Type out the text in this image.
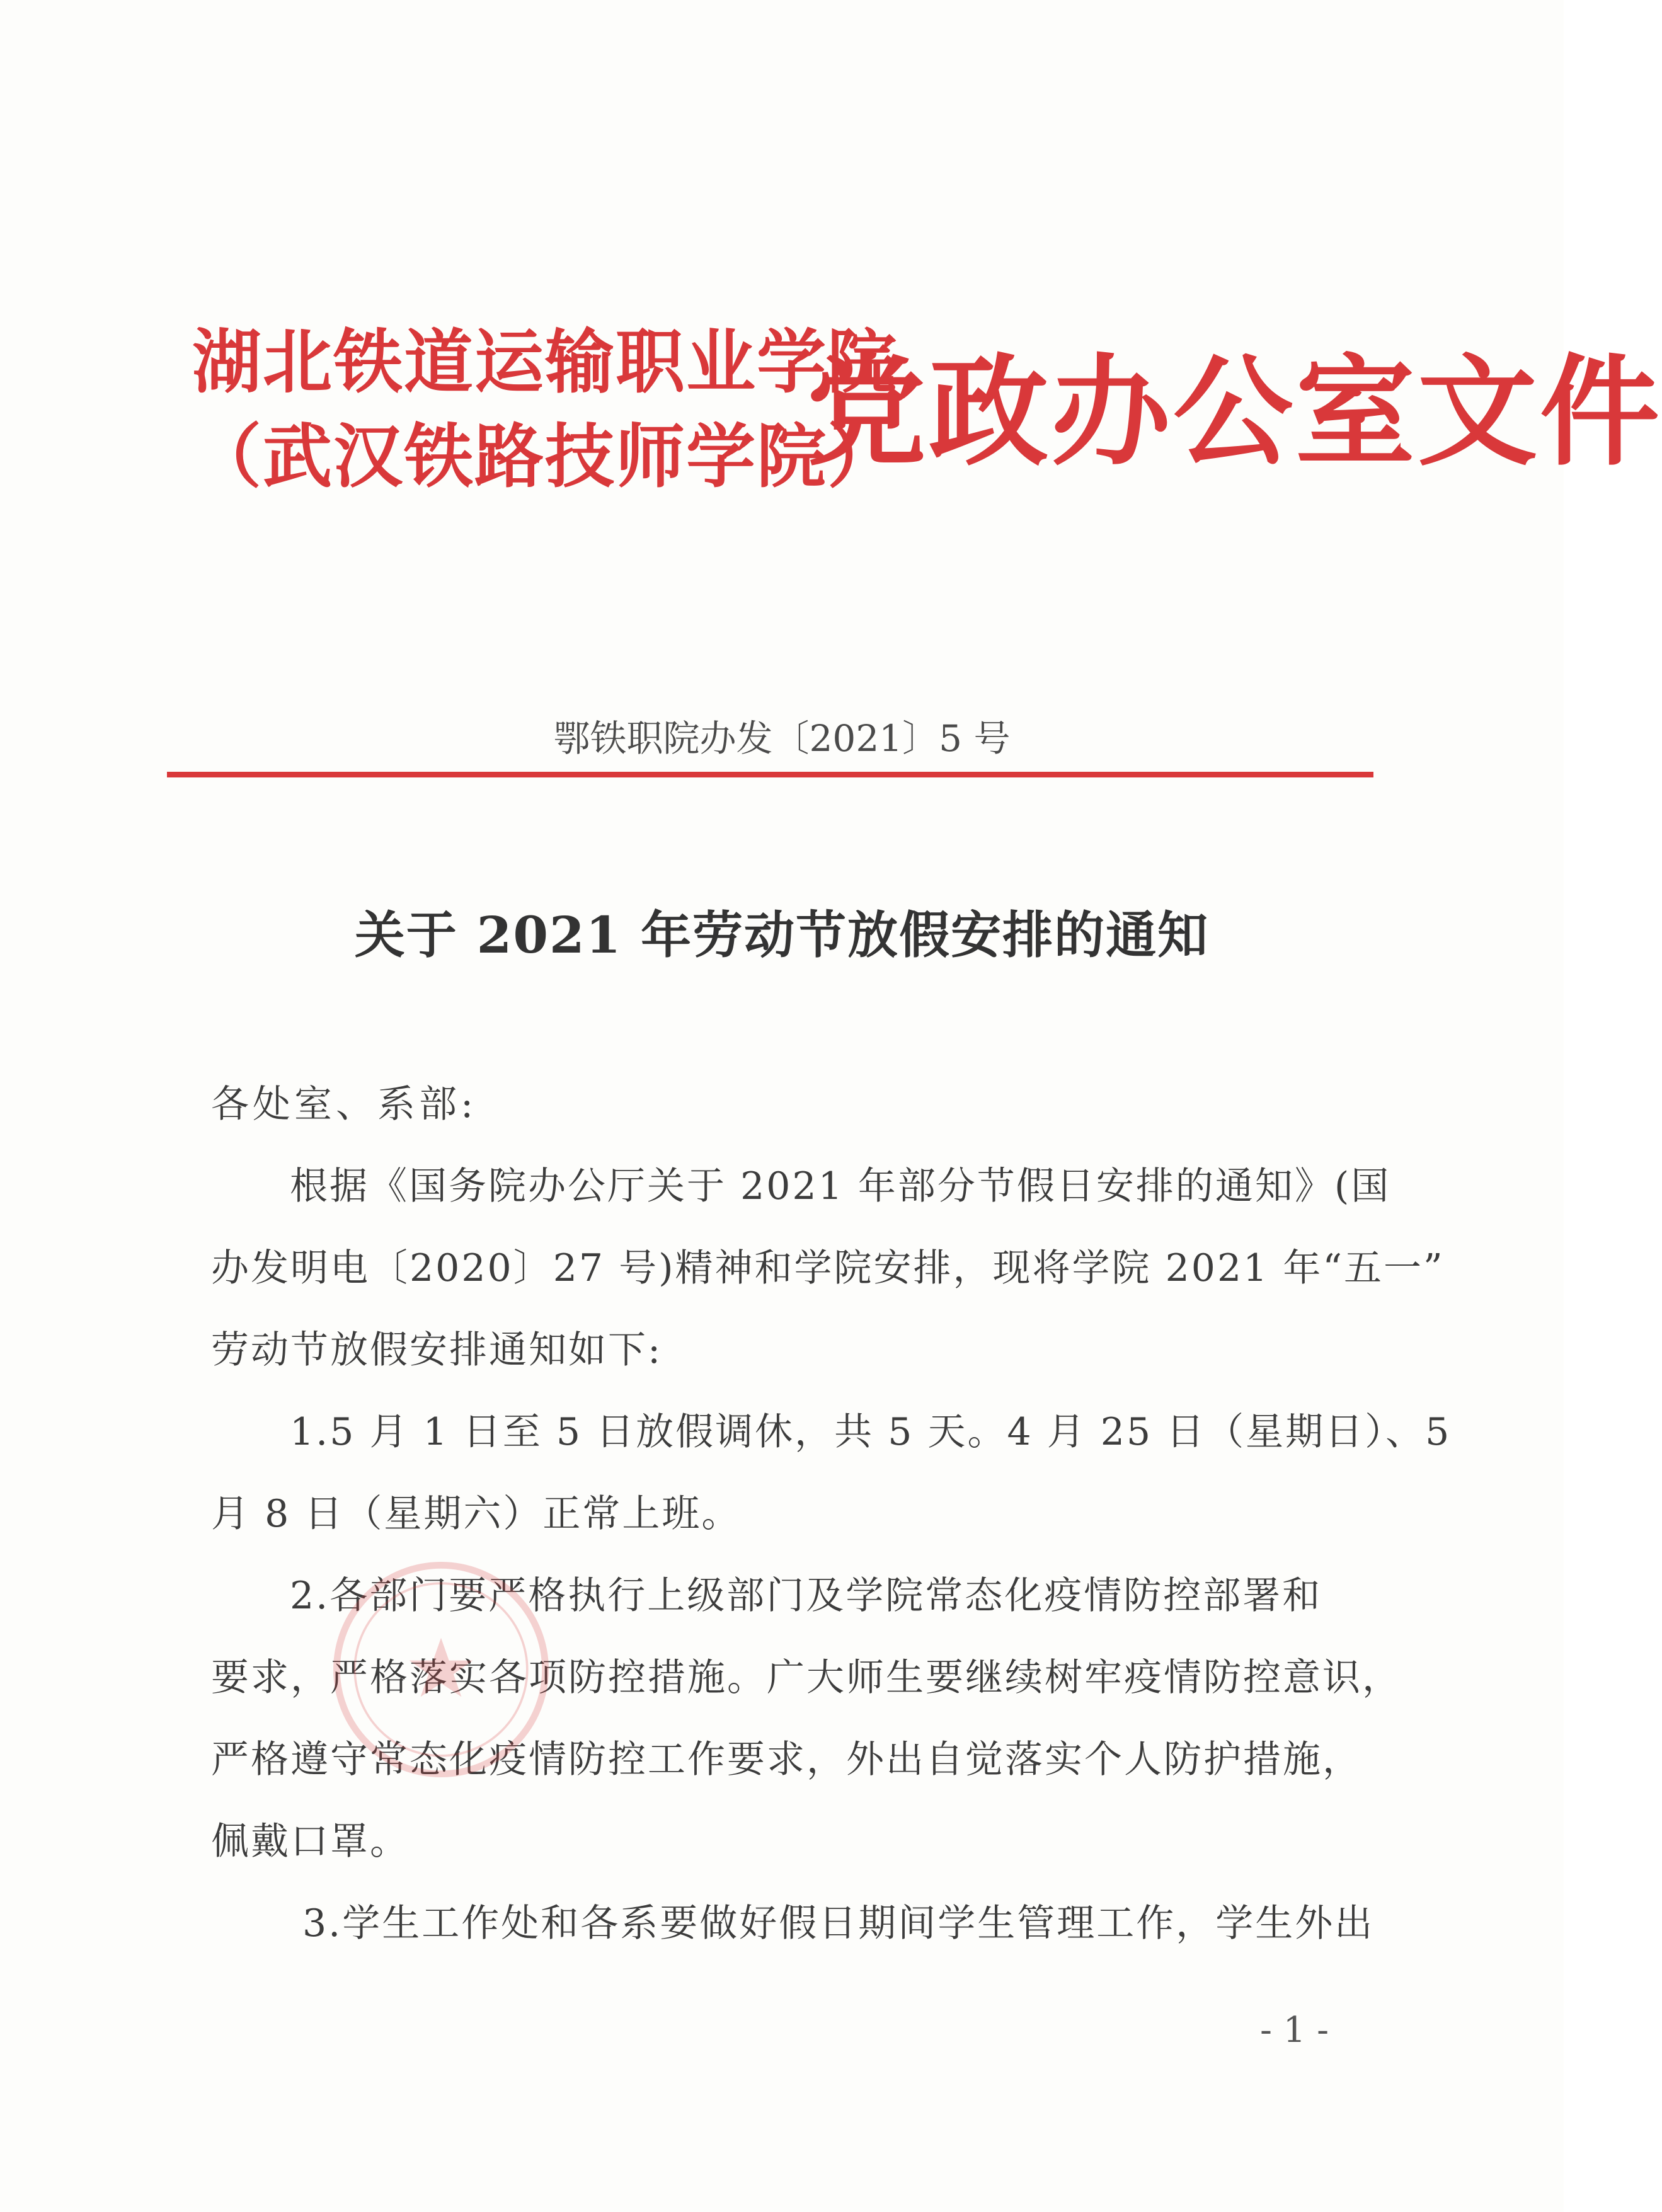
湖北铁道运输职业学院
（武汉铁路技师学院）
党政办公室文件
鄂铁职院办发〔2021〕5 号
关于 2021 年劳动节放假安排的通知
各处室、系部:
根据《国务院办公厅关于 2021 年部分节假日安排的通知》(国
办发明电〔2020〕27 号)精神和学院安排，现将学院 2021 年“五一”
劳动节放假安排通知如下:
1.5 月 1 日至 5 日放假调休，共 5 天。4 月 25 日（星期日）、5
月 8 日（星期六）正常上班。
2.各部门要严格执行上级部门及学院常态化疫情防控部署和
要求，严格落实各项防控措施。广大师生要继续树牢疫情防控意识，
严格遵守常态化疫情防控工作要求，外出自觉落实个人防护措施，
佩戴口罩。
3.学生工作处和各系要做好假日期间学生管理工作，学生外出
- 1 -
